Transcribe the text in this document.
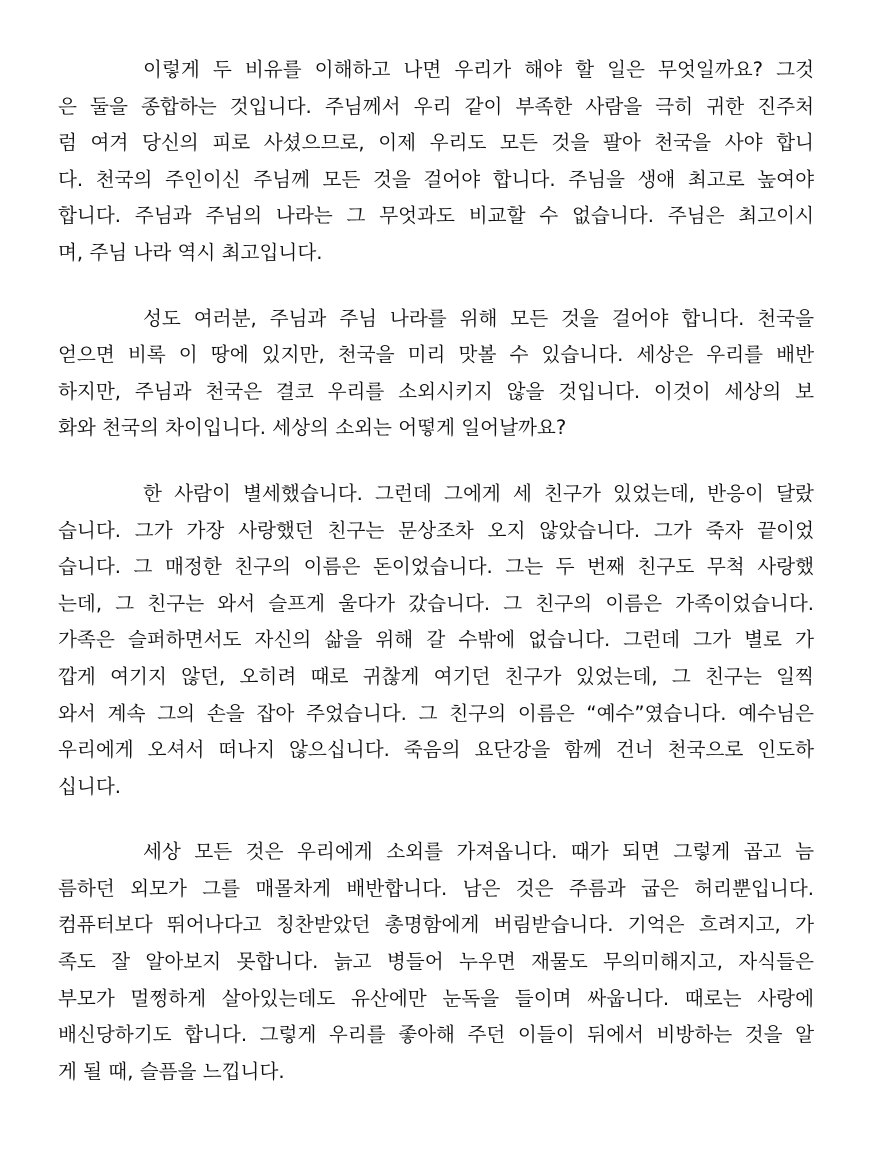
이렇게 두 비유를 이해하고 나면 우리가 해야 할 일은 무엇일까요? 그것
은 둘을 종합하는 것입니다. 주님께서 우리 같이 부족한 사람을 극히 귀한 진주처
럼 여겨 당신의 피로 사셨으므로, 이제 우리도 모든 것을 팔아 천국을 사야 합니
다. 천국의 주인이신 주님께 모든 것을 걸어야 합니다. 주님을 생애 최고로 높여야
합니다. 주님과 주님의 나라는 그 무엇과도 비교할 수 없습니다. 주님은 최고이시
며, 주님 나라 역시 최고입니다.
성도 여러분, 주님과 주님 나라를 위해 모든 것을 걸어야 합니다. 천국을
얻으면 비록 이 땅에 있지만, 천국을 미리 맛볼 수 있습니다. 세상은 우리를 배반
하지만, 주님과 천국은 결코 우리를 소외시키지 않을 것입니다. 이것이 세상의 보
화와 천국의 차이입니다. 세상의 소외는 어떻게 일어날까요?
한 사람이 별세했습니다. 그런데 그에게 세 친구가 있었는데, 반응이 달랐
습니다. 그가 가장 사랑했던 친구는 문상조차 오지 않았습니다. 그가 죽자 끝이었
습니다. 그 매정한 친구의 이름은 돈이었습니다. 그는 두 번째 친구도 무척 사랑했
는데, 그 친구는 와서 슬프게 울다가 갔습니다. 그 친구의 이름은 가족이었습니다.
가족은 슬퍼하면서도 자신의 삶을 위해 갈 수밖에 없습니다. 그런데 그가 별로 가
깝게 여기지 않던, 오히려 때로 귀찮게 여기던 친구가 있었는데, 그 친구는 일찍
와서 계속 그의 손을 잡아 주었습니다. 그 친구의 이름은 “예수”였습니다. 예수님은
우리에게 오셔서 떠나지 않으십니다. 죽음의 요단강을 함께 건너 천국으로 인도하
십니다.
세상 모든 것은 우리에게 소외를 가져옵니다. 때가 되면 그렇게 곱고 늠
름하던 외모가 그를 매몰차게 배반합니다. 남은 것은 주름과 굽은 허리뿐입니다.
컴퓨터보다 뛰어나다고 칭찬받았던 총명함에게 버림받습니다. 기억은 흐려지고, 가
족도 잘 알아보지 못합니다. 늙고 병들어 누우면 재물도 무의미해지고, 자식들은
부모가 멀쩡하게 살아있는데도 유산에만 눈독을 들이며 싸웁니다. 때로는 사랑에
배신당하기도 합니다. 그렇게 우리를 좋아해 주던 이들이 뒤에서 비방하는 것을 알
게 될 때, 슬픔을 느낍니다.
